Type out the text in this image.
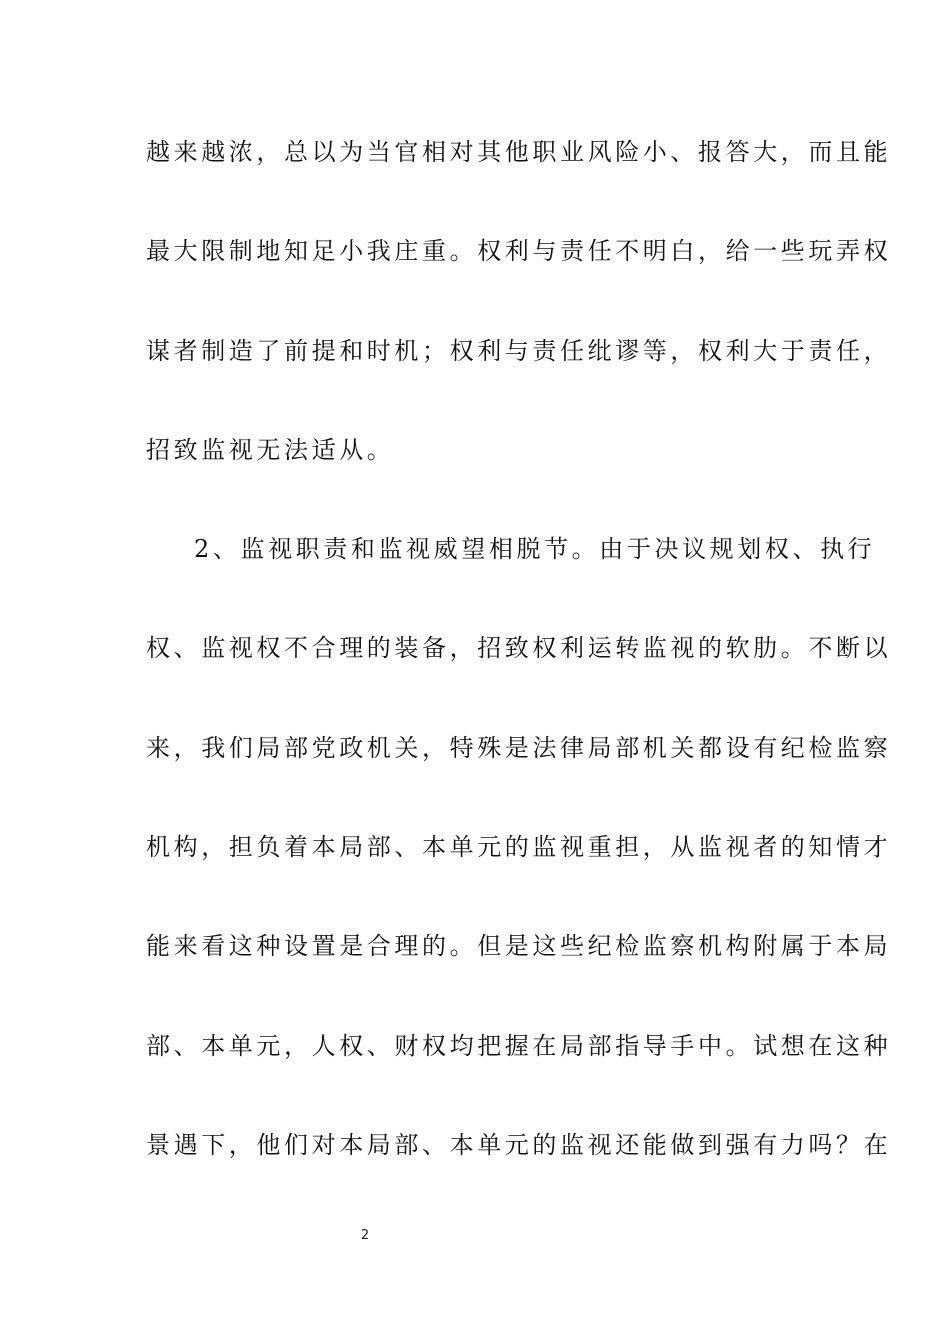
越来越浓，总以为当官相对其他职业风险小、报答大，而且能
最大限制地知足小我庄重。权利与责任不明白，给一些玩弄权
谋者制造了前提和时机；权利与责任纰谬等，权利大于责任，
招致监视无法适从。
2、监视职责和监视威望相脱节。由于决议规划权、执行
权、监视权不合理的装备，招致权利运转监视的软肋。不断以
来，我们局部党政机关，特殊是法律局部机关都设有纪检监察
机构，担负着本局部、本单元的监视重担，从监视者的知情才
能来看这种设置是合理的。但是这些纪检监察机构附属于本局
部、本单元，人权、财权均把握在局部指导手中。试想在这种
景遇下，他们对本局部、本单元的监视还能做到强有力吗？在
2
